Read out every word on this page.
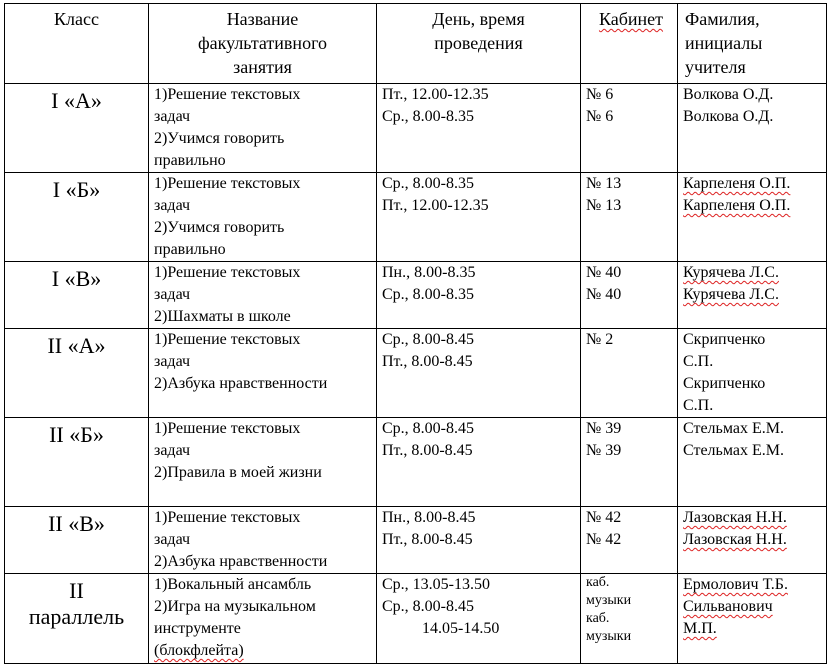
Класс	Название
факультативного
занятия	День, время
проведения	Кабинет	Фамилия,
инициалы
учителя

I «А»	1)Решение текстовых
задач
2)Учимся говорить
правильно	Пт., 12.00-12.35
Ср., 8.00-8.35	№ 6
№ 6	Волкова О.Д.
Волкова О.Д.

I «Б»	1)Решение текстовых
задач
2)Учимся говорить
правильно	Ср., 8.00-8.35
Пт., 12.00-12.35	№ 13
№ 13	Карпеленя О.П.
Карпеленя О.П.

I «В»	1)Решение текстовых
задач
2)Шахматы в школе	Пн., 8.00-8.35
Ср., 8.00-8.35	№ 40
№ 40	Курячева Л.С.
Курячева Л.С.

II «А»	1)Решение текстовых
задач
2)Азбука нравственности	Ср., 8.00-8.45
Пт., 8.00-8.45	№ 2	Скрипченко
С.П.
Скрипченко
С.П.

II «Б»	1)Решение текстовых
задач
2)Правила в моей жизни	Ср., 8.00-8.45
Пт., 8.00-8.45	№ 39
№ 39	Стельмах Е.М.
Стельмах Е.М.

II «В»	1)Решение текстовых
задач
2)Азбука нравственности	Пн., 8.00-8.45
Пт., 8.00-8.45	№ 42
№ 42	Лазовская Н.Н.
Лазовская Н.Н.

II
параллель	1)Вокальный ансамбль
2)Игра на музыкальном
инструменте
(блокфлейта)	Ср., 13.05-13.50
Ср., 8.00-8.45
14.05-14.50	каб.
музыки
каб.
музыки	Ермолович Т.Б.
Сильванович
М.П.
